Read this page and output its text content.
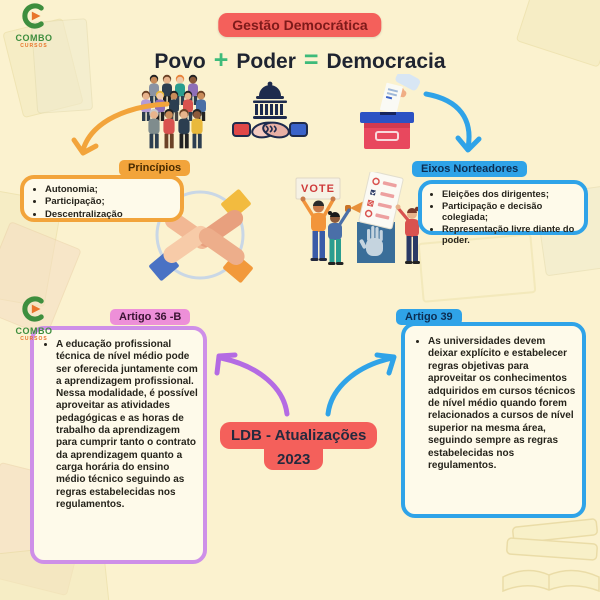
COMBO
CURSOS
COMBO
CURSOS
Gestão Democrática
Povo + Poder = Democracia
Princípios
• Autonomia;
• Participação;
• Descentralização
VOTE
Eixos Norteadores
• Eleições dos dirigentes;
• Participação e decisão colegiada;
• Representação livre diante do poder.
Artigo 36 -B
• A educação profissional técnica de nível médio pode ser oferecida juntamente com a aprendizagem profissional. Nessa modalidade, é possível aproveitar as atividades pedagógicas e as horas de trabalho da aprendizagem para cumprir tanto o contrato da aprendizagem quanto a carga horária do ensino médio técnico seguindo as regras estabelecidas nos regulamentos.
Artigo 39
• As universidades devem deixar explícito e estabelecer regras objetivas para aproveitar os conhecimentos adquiridos em cursos técnicos de nível médio quando forem relacionados a cursos de nível superior na mesma área, seguindo sempre as regras estabelecidas nos regulamentos.
2023
LDB - Atualizações
